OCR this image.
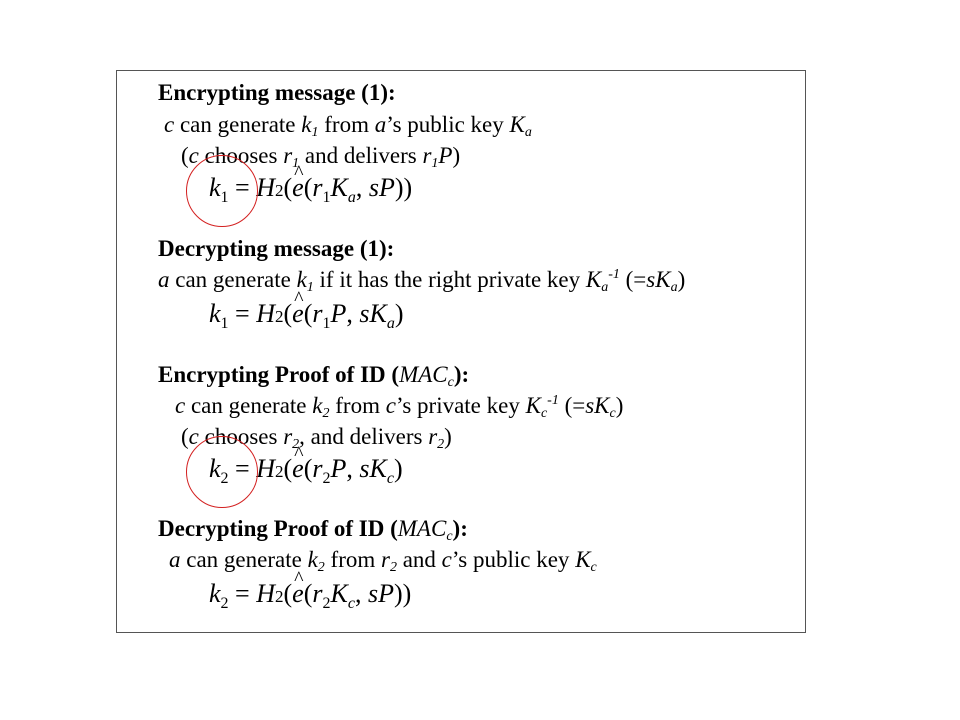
Encrypting message (1):
c can generate k1 from a’s public key Ka
(c chooses r1 and delivers r1P)
$k_1$ = H2(^ $e(r_1K_a$, sP))
Decrypting message (1):
a can generate k1 if it has the right private key $Ka^{-1}$ (=sKa)
$k_1$ = H2(^ $e(r_1P$, $sK_a$)
Encrypting Proof of ID (MACc):
c can generate k2 from c’s private key $Kc^{-1}$ (=sKc)
(c chooses r2, and delivers r2)
$k_2$ = H2(^ $e(r_2P$, $sK_c$)
Decrypting Proof of ID (MACc):
a can generate k2 from r2 and c’s public key Kc
$k_2$ = H2(^ $e(r_2K_c$, sP))
